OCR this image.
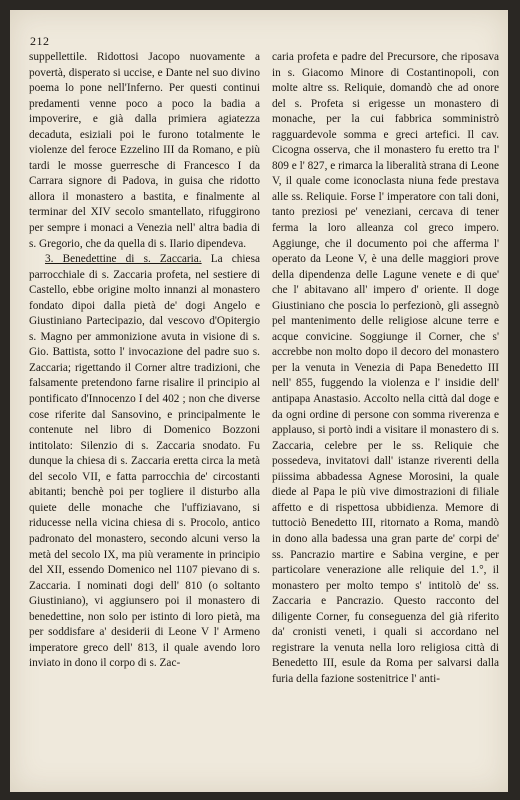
212

suppellettile. Ridottosi Jacopo nuovamente a povertà, disperato si uccise, e Dante nel suo divino poema lo pone nell'Inferno. Per questi continui predamenti venne poco a poco la badia a impoverire, e già dalla primiera agiatezza decaduta, esiziali poi le furono totalmente le violenze del feroce Ezzelino III da Romano, e più tardi le mosse guerresche di Francesco I da Carrara signore di Padova, in guisa che ridotto allora il monastero a bastita, e finalmente al terminar del XIV secolo smantellato, rifuggirono per sempre i monaci a Venezia nell' altra badia di s. Gregorio, che da quella di s. Ilario dipendeva.

3. Benedettine di s. Zaccaria. La chiesa parrocchiale di s. Zaccaria profeta, nel sestiere di Castello, ebbe origine molto innanzi al monastero fondato dipoi dalla pietà de' dogi Angelo e Giustiniano Partecipazio, dal vescovo d'Opitergio s. Magno per ammonizione avuta in visione di s. Gio. Battista, sotto l' invocazione del padre suo s. Zaccaria; rigettando il Corner altre tradizioni, che falsamente pretendono farne risalire il principio al pontificato d'Innocenzo I del 402 ; non che diverse cose riferite dal Sansovino, e principalmente le contenute nel libro di Domenico Bozzoni intitolato: Silenzio di s. Zaccaria snodato. Fu dunque la chiesa di s. Zaccaria eretta circa la metà del secolo VII, e fatta parrocchia de' circostanti abitanti; benchè poi per togliere il disturbo alla quiete delle monache che l'uffiziavano, si riducesse nella vicina chiesa di s. Procolo, antico padronato del monastero, secondo alcuni verso la metà del secolo IX, ma più veramente in principio del XII, essendo Domenico nel 1107 pievano di s. Zaccaria. I nominati dogi dell' 810 (o soltanto Giustiniano), vi aggiunsero poi il monastero di benedettine, non solo per istinto di loro pietà, ma per soddisfare a' desiderii di Leone V l' Armeno imperatore greco dell' 813, il quale avendo loro inviato in dono il corpo di s. Zac-

caria profeta e padre del Precursore, che riposava in s. Giacomo Minore di Costantinopoli, con molte altre ss. Reliquie, domandò che ad onore del s. Profeta si erigesse un monastero di monache, per la cui fabbrica somministrò ragguardevole somma e greci artefici. Il cav. Cicogna osserva, che il monastero fu eretto tra l' 809 e l' 827, e rimarca la liberalità strana di Leone V, il quale come iconoclasta niuna fede prestava alle ss. Reliquie. Forse l' imperatore con tali doni, tanto preziosi pe' veneziani, cercava di tener ferma la loro alleanza col greco impero. Aggiunge, che il documento poi che afferma l' operato da Leone V, è una delle maggiori prove della dipendenza delle Lagune venete e di que' che l' abitavano all' impero d' oriente. Il doge Giustiniano che poscia lo perfezionò, gli assegnò pel mantenimento delle religiose alcune terre e acque convicine. Soggiunge il Corner, che s' accrebbe non molto dopo il decoro del monastero per la venuta in Venezia di Papa Benedetto III nell' 855, fuggendo la violenza e l' insidie dell' antipapa Anastasio. Accolto nella città dal doge e da ogni ordine di persone con somma riverenza e applauso, si portò indi a visitare il monastero di s. Zaccaria, celebre per le ss. Reliquie che possedeva, invitatovi dall' istanze riverenti della piissima abbadessa Agnese Morosini, la quale diede al Papa le più vive dimostrazioni di filiale affetto e di rispettosa ubbidienza. Memore di tuttociò Benedetto III, ritornato a Roma, mandò in dono alla badessa una gran parte de' corpi de' ss. Pancrazio martire e Sabina vergine, e per particolare venerazione alle reliquie del 1.°, il monastero per molto tempo s' intitolò de' ss. Zaccaria e Pancrazio. Questo racconto del diligente Corner, fu conseguenza del già riferito da' cronisti veneti, i quali si accordano nel registrare la venuta nella loro religiosa città di Benedetto III, esule da Roma per salvarsi dalla furia della fazione sostenitrice l' anti-
